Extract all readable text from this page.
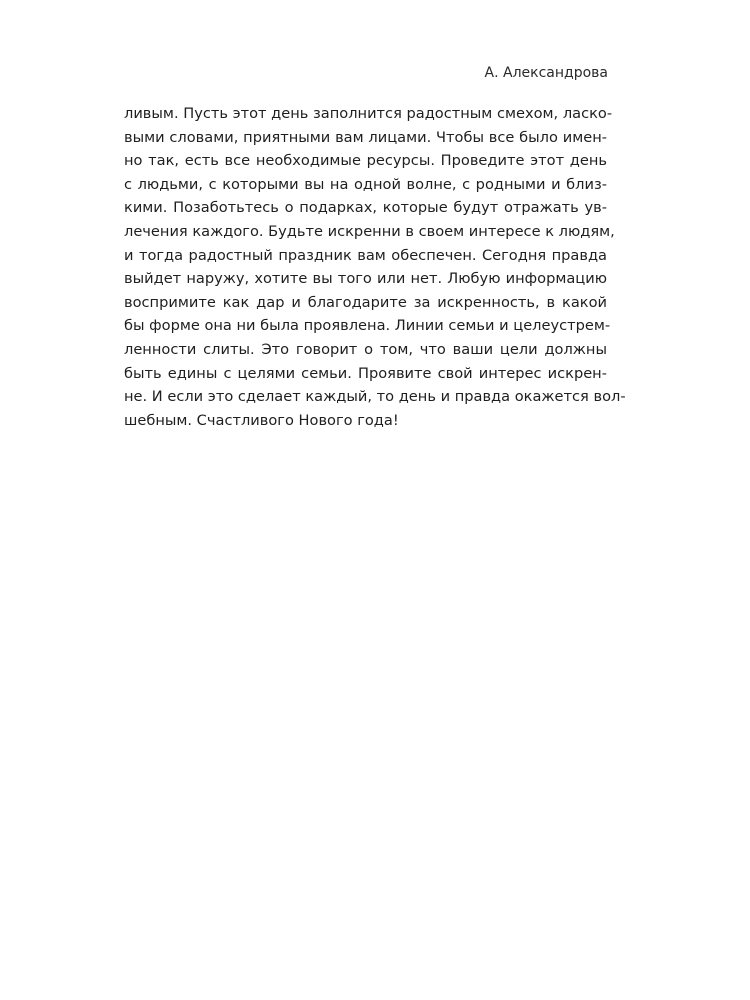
А. Александрова
ливым. Пусть этот день заполнится радостным смехом, ласко-
выми словами, приятными вам лицами. Чтобы все было имен-
но так, есть все необходимые ресурсы. Проведите этот день
с людьми, с которыми вы на одной волне, с родными и близ-
кими. Позаботьтесь о подарках, которые будут отражать ув-
лечения каждого. Будьте искренни в своем интересе к людям,
и тогда радостный праздник вам обеспечен. Сегодня правда
выйдет наружу, хотите вы того или нет. Любую информацию
воспримите как дар и благодарите за искренность, в какой
бы форме она ни была проявлена. Линии семьи и целеустрем-
ленности слиты. Это говорит о том, что ваши цели должны
быть едины с целями семьи. Проявите свой интерес искрен-
не. И если это сделает каждый, то день и правда окажется вол-
шебным. Счастливого Нового года!
